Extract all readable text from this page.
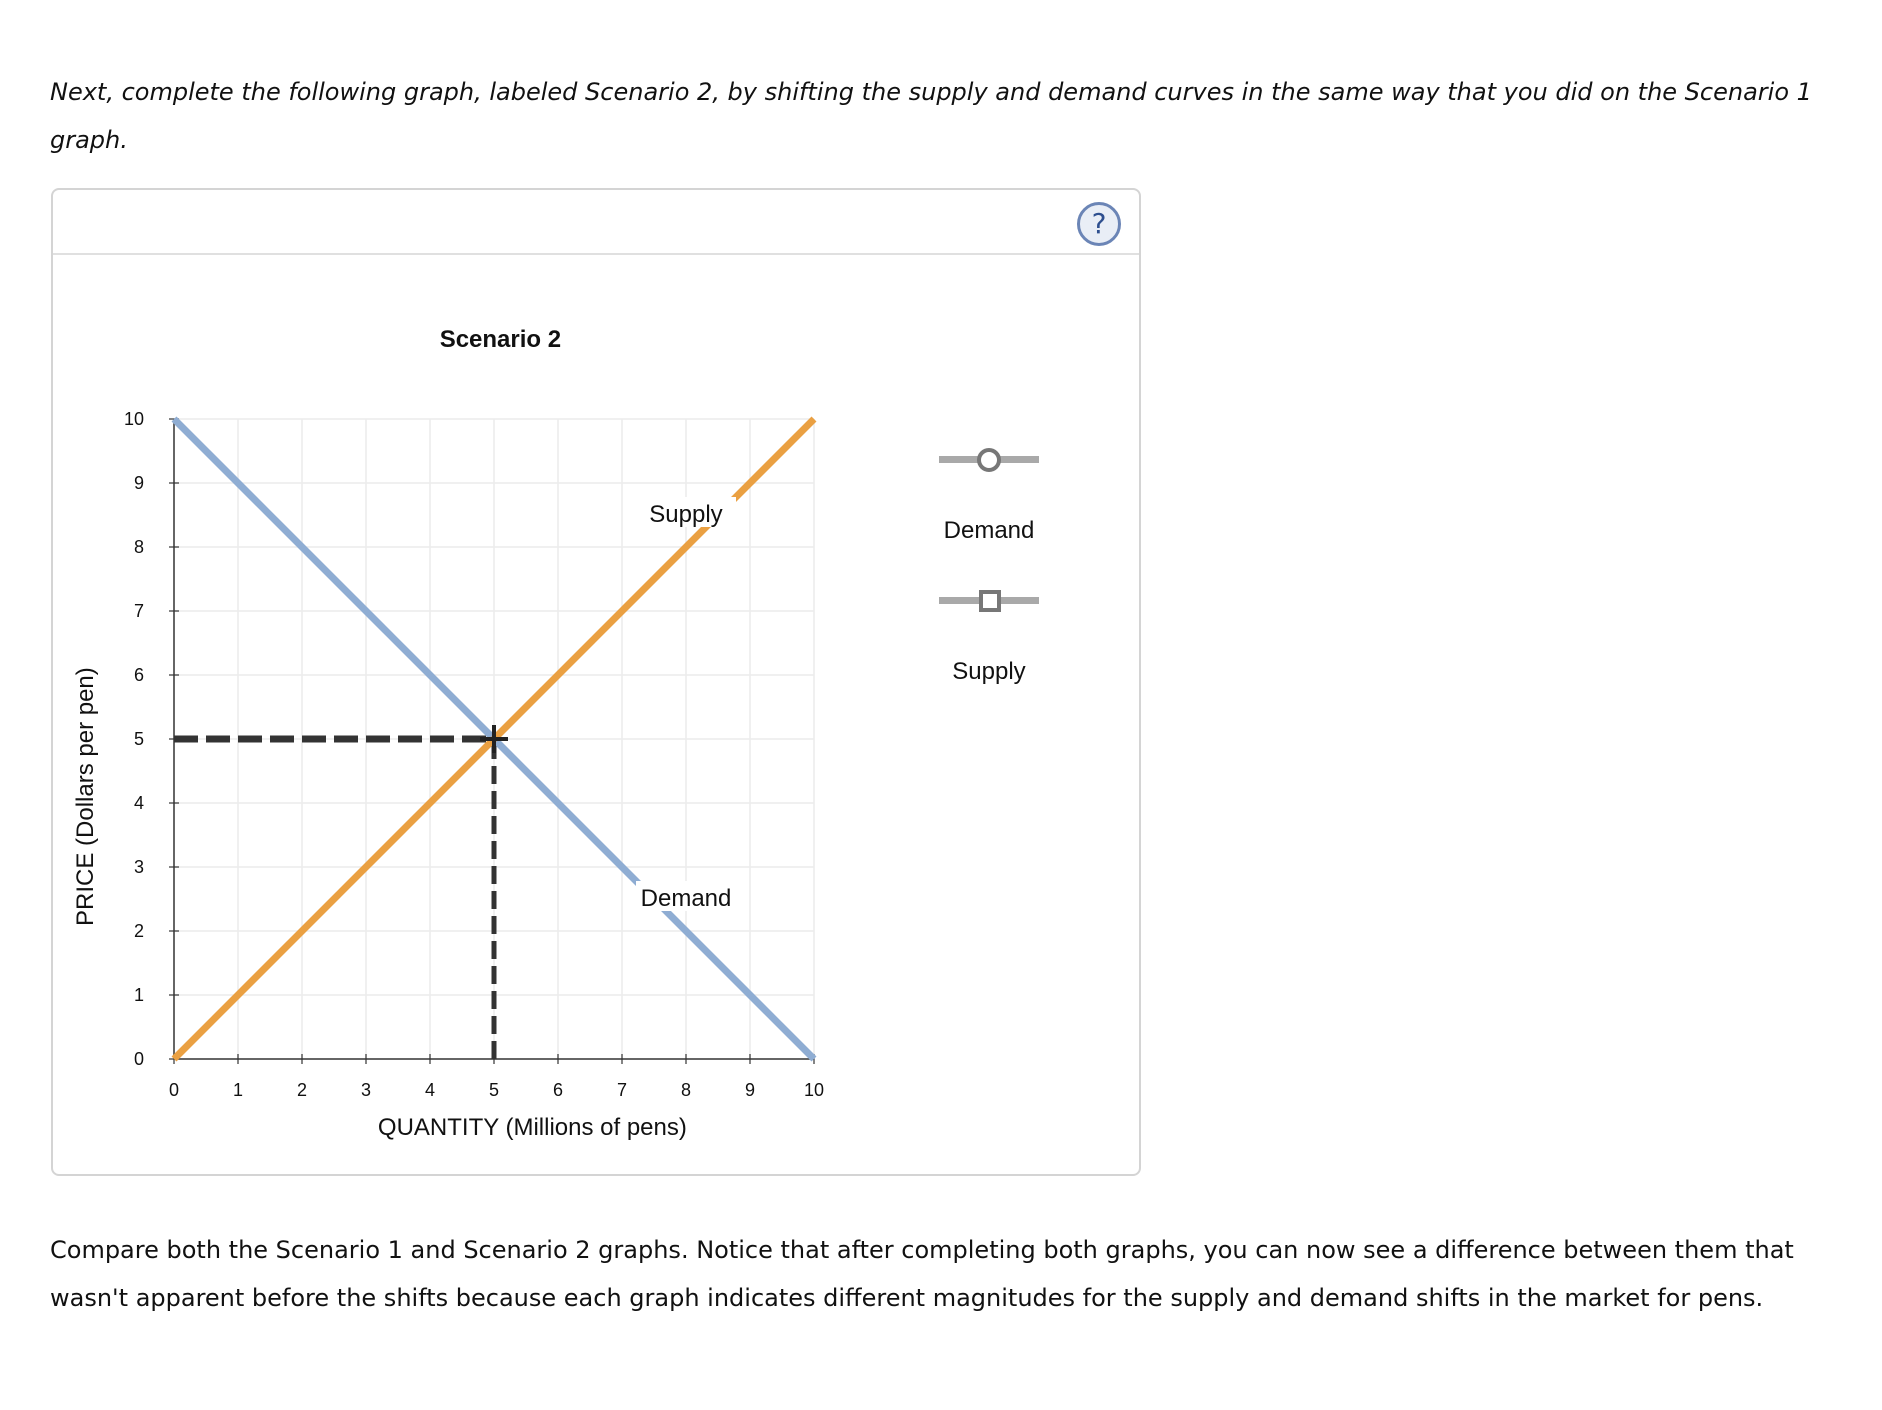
Next, complete the following graph, labeled Scenario 2, by shifting the supply and demand curves in the same way that you did on the Scenario 1 graph.

?
0	1	2	3	4	5	6	7	8	9	10
0
1
2
3
4
5
6
7
8
9
10
Demand
Supply
Scenario 2
QUANTITY (Millions of pens)
PRICE (Dollars per pen)
Demand
Supply

Compare both the Scenario 1 and Scenario 2 graphs. Notice that after completing both graphs, you can now see a difference between them that wasn't apparent before the shifts because each graph indicates different magnitudes for the supply and demand shifts in the market for pens.
